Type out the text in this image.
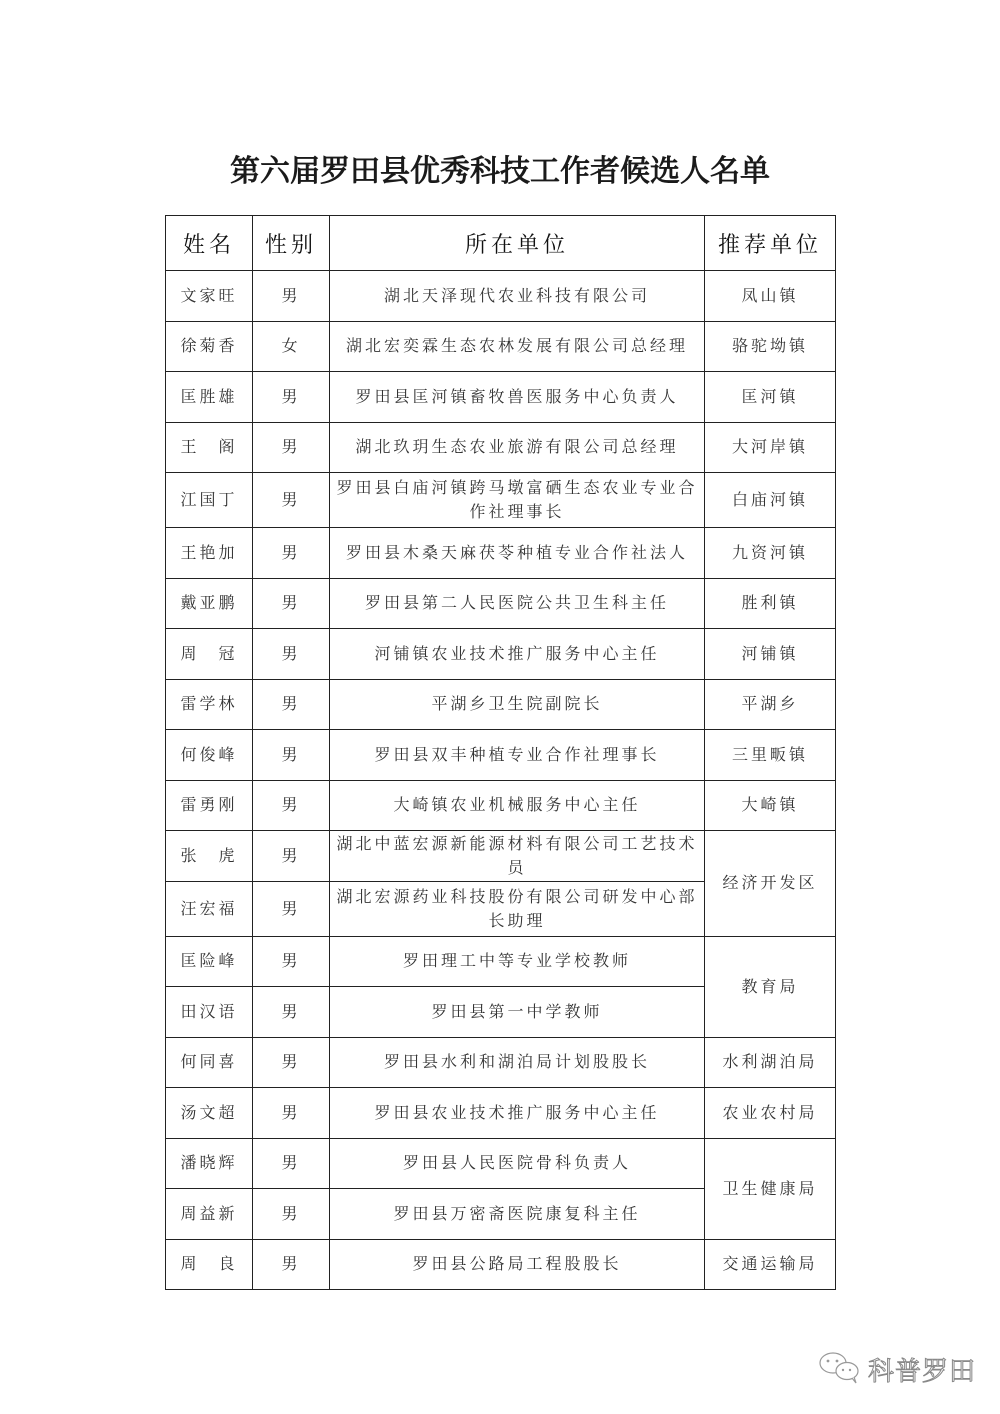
第六届罗田县优秀科技工作者候选人名单
姓名	性别	所在单位	推荐单位
文家旺	男	湖北天泽现代农业科技有限公司	凤山镇
徐菊香	女	湖北宏奕霖生态农林发展有限公司总经理	骆驼坳镇
匡胜雄	男	罗田县匡河镇畜牧兽医服务中心负责人	匡河镇
王　阁	男	湖北玖玥生态农业旅游有限公司总经理	大河岸镇
江国丁	男	罗田县白庙河镇跨马墩富硒生态农业专业合作社理事长	白庙河镇
王艳加	男	罗田县木桑天麻茯苓种植专业合作社法人	九资河镇
戴亚鹏	男	罗田县第二人民医院公共卫生科主任	胜利镇
周　冠	男	河铺镇农业技术推广服务中心主任	河铺镇
雷学林	男	平湖乡卫生院副院长	平湖乡
何俊峰	男	罗田县双丰种植专业合作社理事长	三里畈镇
雷勇刚	男	大崎镇农业机械服务中心主任	大崎镇
张　虎	男	湖北中蓝宏源新能源材料有限公司工艺技术员	经济开发区
汪宏福	男	湖北宏源药业科技股份有限公司研发中心部长助理	
匡险峰	男	罗田理工中等专业学校教师	教育局
田汉语	男	罗田县第一中学教师	
何同喜	男	罗田县水利和湖泊局计划股股长	水利湖泊局
汤文超	男	罗田县农业技术推广服务中心主任	农业农村局
潘晓辉	男	罗田县人民医院骨科负责人	卫生健康局
周益新	男	罗田县万密斋医院康复科主任	
周　良	男	罗田县公路局工程股股长	交通运输局
科普罗田
